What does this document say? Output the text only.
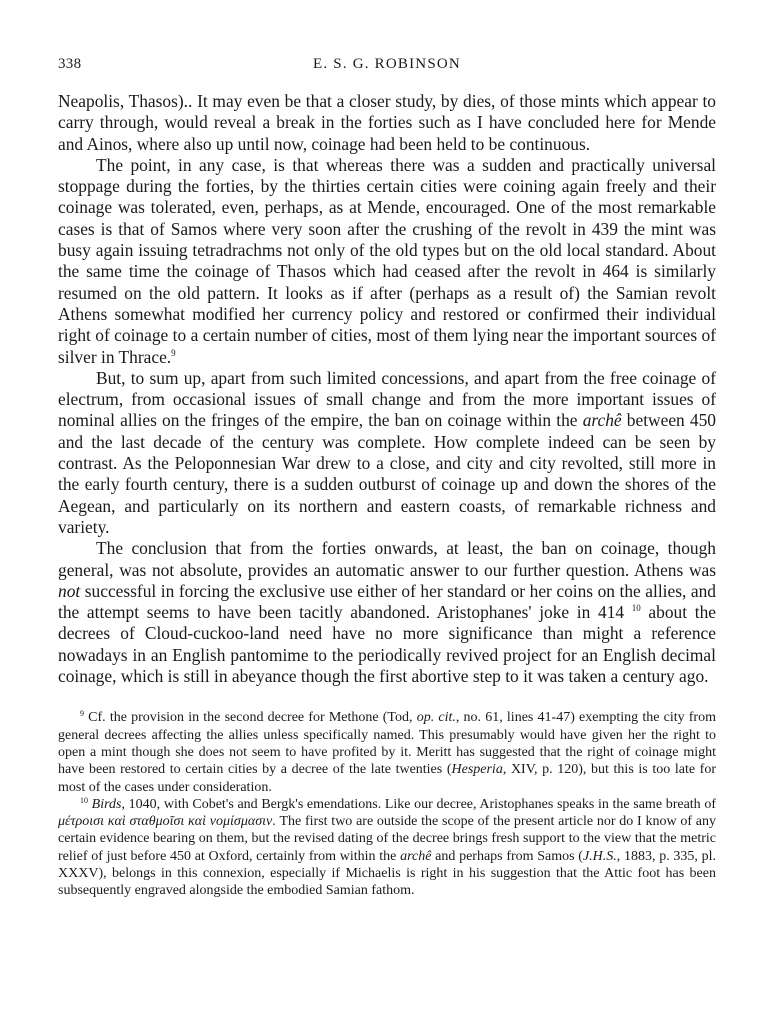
338	E. S. G. ROBINSON

Neapolis, Thasos).. It may even be that a closer study, by dies, of those mints which appear to carry through, would reveal a break in the forties such as I have concluded here for Mende and Ainos, where also up until now, coinage had been held to be continuous.

The point, in any case, is that whereas there was a sudden and practically universal stoppage during the forties, by the thirties certain cities were coining again freely and their coinage was tolerated, even, perhaps, as at Mende, encouraged. One of the most remarkable cases is that of Samos where very soon after the crushing of the revolt in 439 the mint was busy again issuing tetradrachms not only of the old types but on the old local standard. About the same time the coinage of Thasos which had ceased after the revolt in 464 is similarly resumed on the old pattern. It looks as if after (perhaps as a result of) the Samian revolt Athens somewhat modified her currency policy and restored or confirmed their individual right of coinage to a certain number of cities, most of them lying near the important sources of silver in Thrace.$^9$

But, to sum up, apart from such limited concessions, and apart from the free coinage of electrum, from occasional issues of small change and from the more important issues of nominal allies on the fringes of the empire, the ban on coinage within the archê between 450 and the last decade of the century was complete. How complete indeed can be seen by contrast. As the Peloponnesian War drew to a close, and city and city revolted, still more in the early fourth century, there is a sudden outburst of coinage up and down the shores of the Aegean, and particularly on its northern and eastern coasts, of remarkable richness and variety.

The conclusion that from the forties onwards, at least, the ban on coinage, though general, was not absolute, provides an automatic answer to our further question. Athens was not successful in forcing the exclusive use either of her standard or her coins on the allies, and the attempt seems to have been tacitly abandoned. Aristophanes' joke in 414 $^{10}$ about the decrees of Cloud-cuckoo-land need have no more significance than might a reference nowadays in an English pantomime to the periodically revived project for an English decimal coinage, which is still in abeyance though the first abortive step to it was taken a century ago.

$^9$ Cf. the provision in the second decree for Methone (Tod, op. cit., no. 61, lines 41-47) exempting the city from general decrees affecting the allies unless specifically named. This presumably would have given her the right to open a mint though she does not seem to have profited by it. Meritt has suggested that the right of coinage might have been restored to certain cities by a decree of the late twenties (Hesperia, XIV, p. 120), but this is too late for most of the cases under consideration.

$^{10}$ Birds, 1040, with Cobet's and Bergk's emendations. Like our decree, Aristophanes speaks in the same breath of μέτροισι καὶ σταθμοῖσι καὶ νομίσμασιν. The first two are outside the scope of the present article nor do I know of any certain evidence bearing on them, but the revised dating of the decree brings fresh support to the view that the metric relief of just before 450 at Oxford, certainly from within the archê and perhaps from Samos (J.H.S., 1883, p. 335, pl. XXXV), belongs in this connexion, especially if Michaelis is right in his suggestion that the Attic foot has been subsequently engraved alongside the embodied Samian fathom.
